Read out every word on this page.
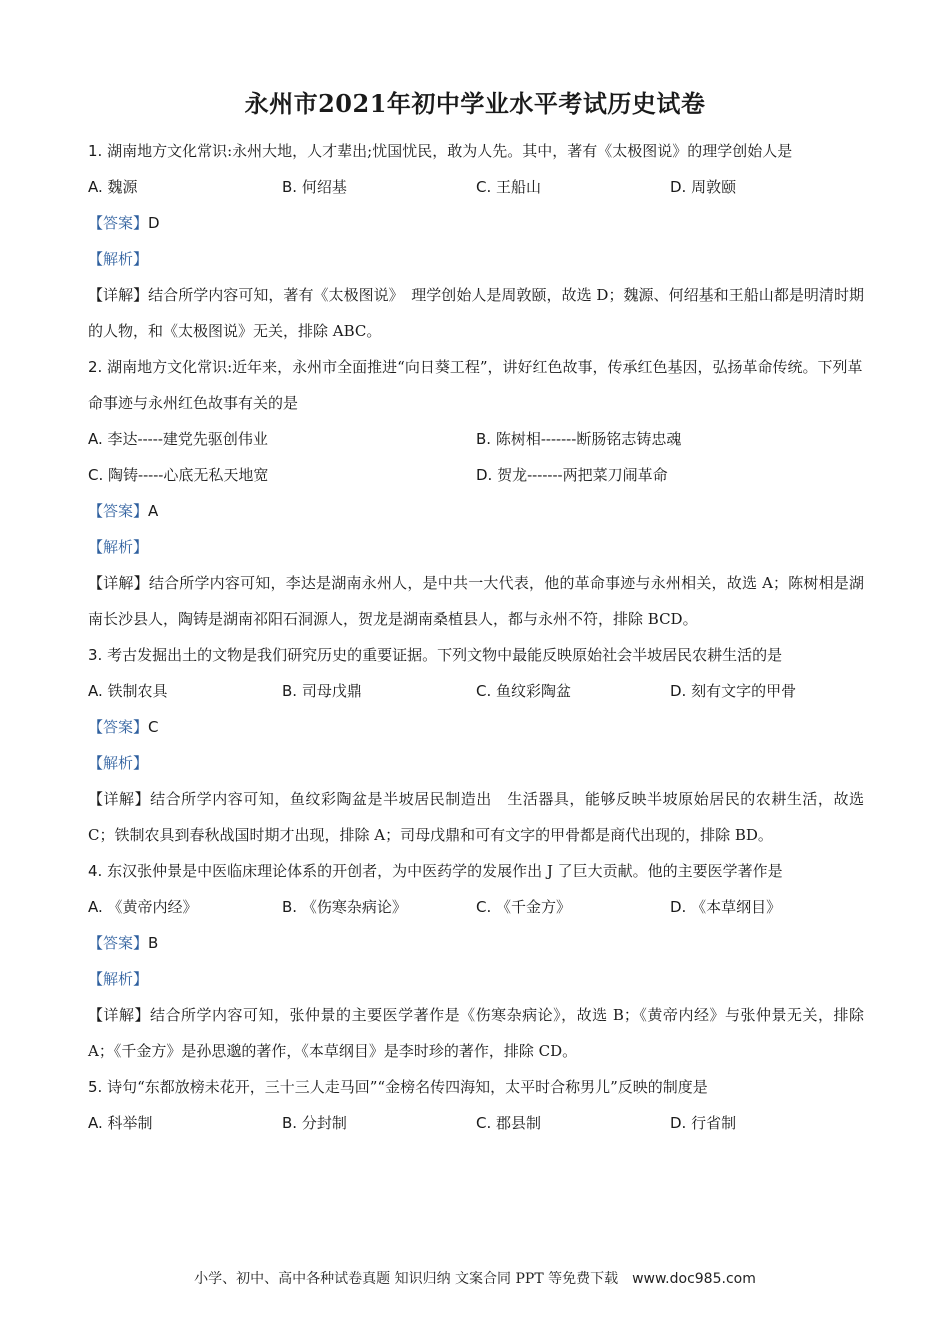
永州市2021年初中学业水平考试历史试卷
1. 湖南地方文化常识:永州大地，人才辈出;忧国忧民，敢为人先。其中，著有《太极图说》的理学创始人是
A. 魏源	B. 何绍基	C. 王船山	D. 周敦颐
【答案】D
【解析】
【详解】结合所学内容可知，著有《太极图说》　理学创始人是周敦颐，故选 D；魏源、何绍基和王船山都是明清时期的人物，和《太极图说》无关，排除 ABC。
2. 湖南地方文化常识:近年来，永州市全面推进“向日葵工程”，讲好红色故事，传承红色基因，弘扬革命传统。下列革命事迹与永州红色故事有关的是
A. 李达-----建党先驱创伟业	B. 陈树相-------断肠铭志铸忠魂
C. 陶铸-----心底无私天地宽	D. 贺龙-------两把菜刀闹革命
【答案】A
【解析】
【详解】结合所学内容可知，李达是湖南永州人，是中共一大代表，他的革命事迹与永州相关，故选 A；陈树相是湖南长沙县人，陶铸是湖南祁阳石洞源人，贺龙是湖南桑植县人，都与永州不符，排除 BCD。
3. 考古发掘出土的文物是我们研究历史的重要证据。下列文物中最能反映原始社会半坡居民农耕生活的是
A. 铁制农具	B. 司母戊鼎	C. 鱼纹彩陶盆	D. 刻有文字的甲骨
【答案】C
【解析】
【详解】结合所学内容可知，鱼纹彩陶盆是半坡居民制造出　生活器具，能够反映半坡原始居民的农耕生活，故选 C；铁制农具到春秋战国时期才出现，排除 A；司母戊鼎和可有文字的甲骨都是商代出现的，排除 BD。
4. 东汉张仲景是中医临床理论体系的开创者，为中医药学的发展作出 J 了巨大贡献。他的主要医学著作是
A. 《黄帝内经》	B. 《伤寒杂病论》	C. 《千金方》	D. 《本草纲目》
【答案】B
【解析】
【详解】结合所学内容可知，张仲景的主要医学著作是《伤寒杂病论》，故选 B；《黄帝内经》与张仲景无关，排除 A；《千金方》是孙思邈的著作，《本草纲目》是李时珍的著作，排除 CD。
5. 诗句“东都放榜未花开，三十三人走马回”“金榜名传四海知，太平时合称男儿”反映的制度是
A. 科举制	B. 分封制	C. 郡县制	D. 行省制
小学、初中、高中各种试卷真题 知识归纳 文案合同 PPT 等免费下载 www.doc985.com
